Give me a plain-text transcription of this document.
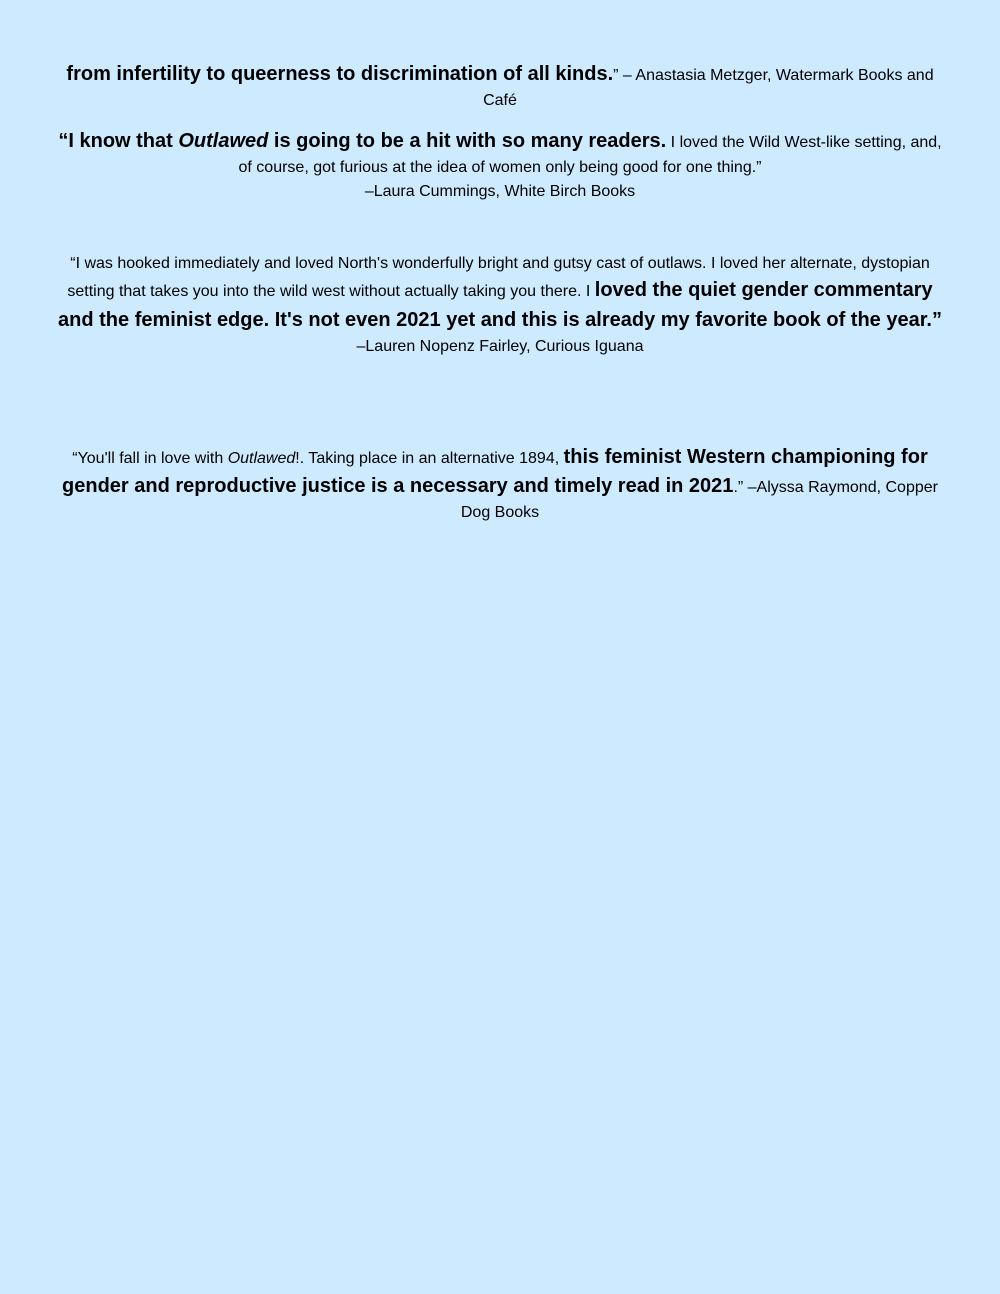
from infertility to queerness to discrimination of all kinds.” – Anastasia Metzger, Watermark Books and Café

“I know that Outlawed is going to be a hit with so many readers. I loved the Wild West-like setting, and, of course, got furious at the idea of women only being good for one thing.”
–Laura Cummings, White Birch Books

“I was hooked immediately and loved North's wonderfully bright and gutsy cast of outlaws. I loved her alternate, dystopian setting that takes you into the wild west without actually taking you there. I loved the quiet gender commentary and the feminist edge. It's not even 2021 yet and this is already my favorite book of the year.”
–Lauren Nopenz Fairley, Curious Iguana

“You'll fall in love with Outlawed!. Taking place in an alternative 1894, this feminist Western championing for gender and reproductive justice is a necessary and timely read in 2021.” –Alyssa Raymond, Copper Dog Books
